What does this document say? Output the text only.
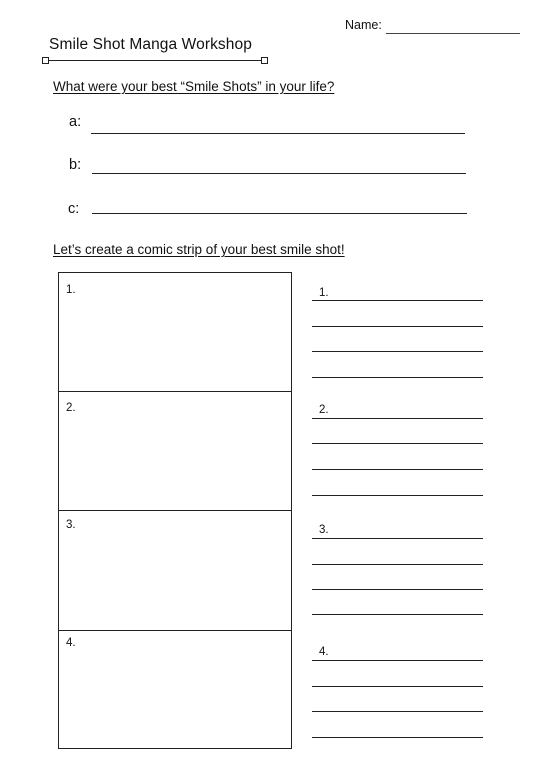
Name:
Smile Shot Manga Workshop
What were your best “Smile Shots” in your life?
a:
b:
c:
Let’s create a comic strip of your best smile shot!
1.
2.
3.
4.
1.
2.
3.
4.
